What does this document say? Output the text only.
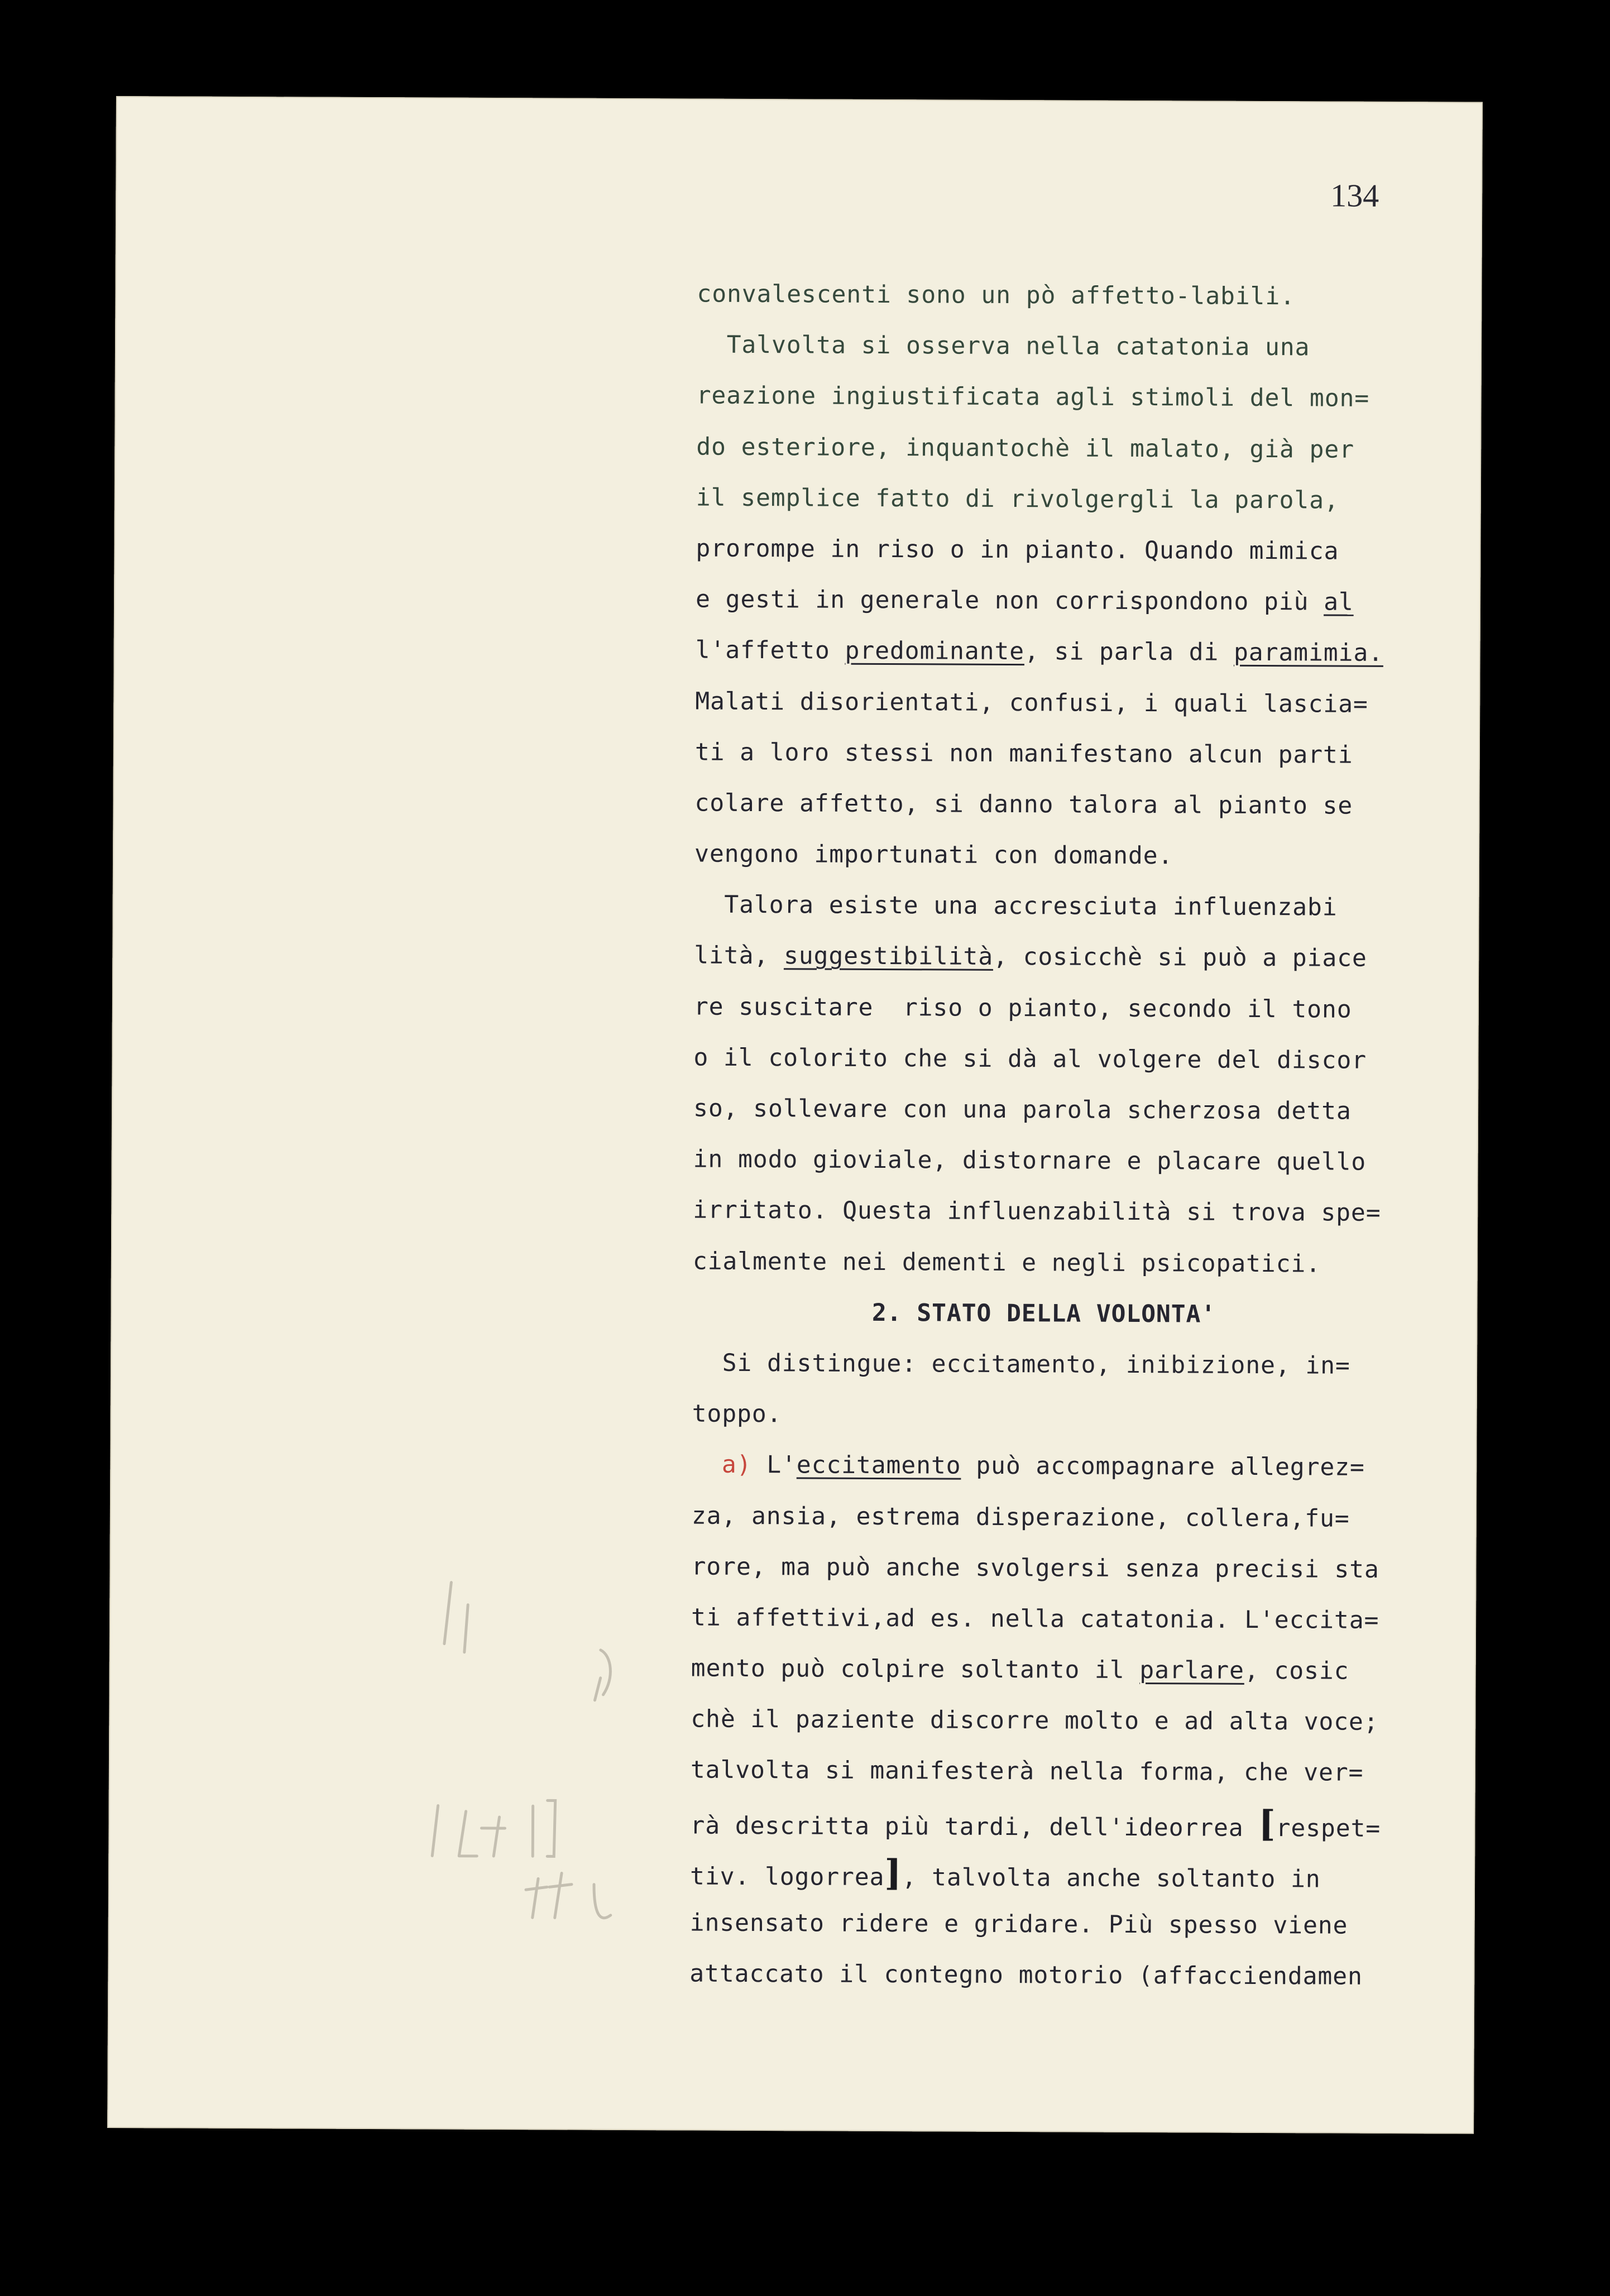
134
convalescenti sono un pò affetto-labili.
Talvolta si osserva nella catatonia una
reazione ingiustificata agli stimoli del mon=
do esteriore, inquantochè il malato, già per
il semplice fatto di rivolgergli la parola,
prorompe in riso o in pianto. Quando mimica
e gesti in generale non corrispondono più al
l'affetto predominante, si parla di paramimia.
Malati disorientati, confusi, i quali lascia=
ti a loro stessi non manifestano alcun parti
colare affetto, si danno talora al pianto se
vengono importunati con domande.
Talora esiste una accresciuta influenzabi
lità, suggestibilità, cosicchè si può a piace
re suscitare  riso o pianto, secondo il tono
o il colorito che si dà al volgere del discor
so, sollevare con una parola scherzosa detta
in modo gioviale, distornare e placare quello
irritato. Questa influenzabilità si trova spe=
cialmente nei dementi e negli psicopatici.
2. STATO DELLA VOLONTA'
Si distingue: eccitamento, inibizione, in=
toppo.
a) L'eccitamento può accompagnare allegrez=
za, ansia, estrema disperazione, collera,fu=
rore, ma può anche svolgersi senza precisi sta
ti affettivi,ad es. nella catatonia. L'eccita=
mento può colpire soltanto il parlare, cosic
chè il paziente discorre molto e ad alta voce;
talvolta si manifesterà nella forma, che ver=
rà descritta più tardi, dell'ideorrea [respet=
tiv. logorrea], talvolta anche soltanto in
insensato ridere e gridare. Più spesso viene
attaccato il contegno motorio (affacciendamen
